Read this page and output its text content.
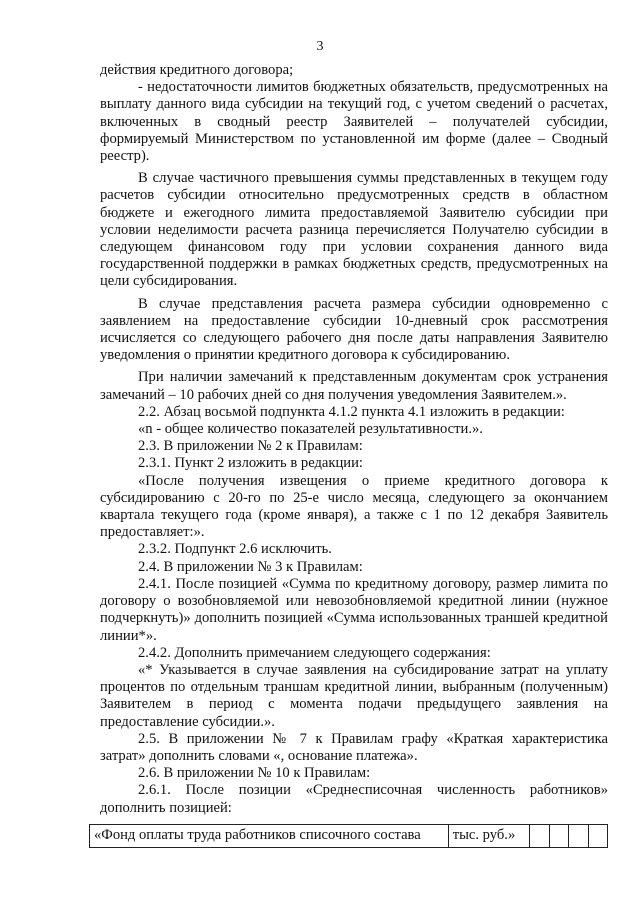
3

действия кредитного договора;

- недостаточности лимитов бюджетных обязательств, предусмотренных на выплату данного вида субсидии на текущий год, с учетом сведений о расчетах, включенных в сводный реестр Заявителей – получателей субсидии, формируемый Министерством по установленной им форме (далее – Сводный реестр).

В случае частичного превышения суммы представленных в текущем году расчетов субсидии относительно предусмотренных средств в областном бюджете и ежегодного лимита предоставляемой Заявителю субсидии при условии неделимости расчета разница перечисляется Получателю субсидии в следующем финансовом году при условии сохранения данного вида государственной поддержки в рамках бюджетных средств, предусмотренных на цели субсидирования.

В случае представления расчета размера субсидии одновременно с заявлением на предоставление субсидии 10-дневный срок рассмотрения исчисляется со следующего рабочего дня после даты направления Заявителю уведомления о принятии кредитного договора к субсидированию.

При наличии замечаний к представленным документам срок устранения замечаний – 10 рабочих дней со дня получения уведомления Заявителем.».

2.2. Абзац восьмой подпункта 4.1.2 пункта 4.1 изложить в редакции:

«n - общее количество показателей результативности.».

2.3. В приложении № 2 к Правилам:

2.3.1. Пункт 2 изложить в редакции:

«После получения извещения о приеме кредитного договора к субсидированию с 20-го по 25-е число месяца, следующего за окончанием квартала текущего года (кроме января), а также с 1 по 12 декабря Заявитель предоставляет:».

2.3.2. Подпункт 2.6 исключить.

2.4. В приложении № 3 к Правилам:

2.4.1. После позицией «Сумма по кредитному договору, размер лимита по договору о возобновляемой или невозобновляемой кредитной линии (нужное подчеркнуть)» дополнить позицией «Сумма использованных траншей кредитной линии*».

2.4.2. Дополнить примечанием следующего содержания:

«* Указывается в случае заявления на субсидирование затрат на уплату процентов по отдельным траншам кредитной линии, выбранным (полученным) Заявителем в период с момента подачи предыдущего заявления на предоставление субсидии.».

2.5. В приложении № 7 к Правилам графу «Краткая характеристика затрат» дополнить словами «, основание платежа».

2.6. В приложении № 10 к Правилам:

2.6.1. После позиции «Среднесписочная численность работников» дополнить позицией:

«Фонд оплаты труда работников списочного состава	тыс. руб.»				
